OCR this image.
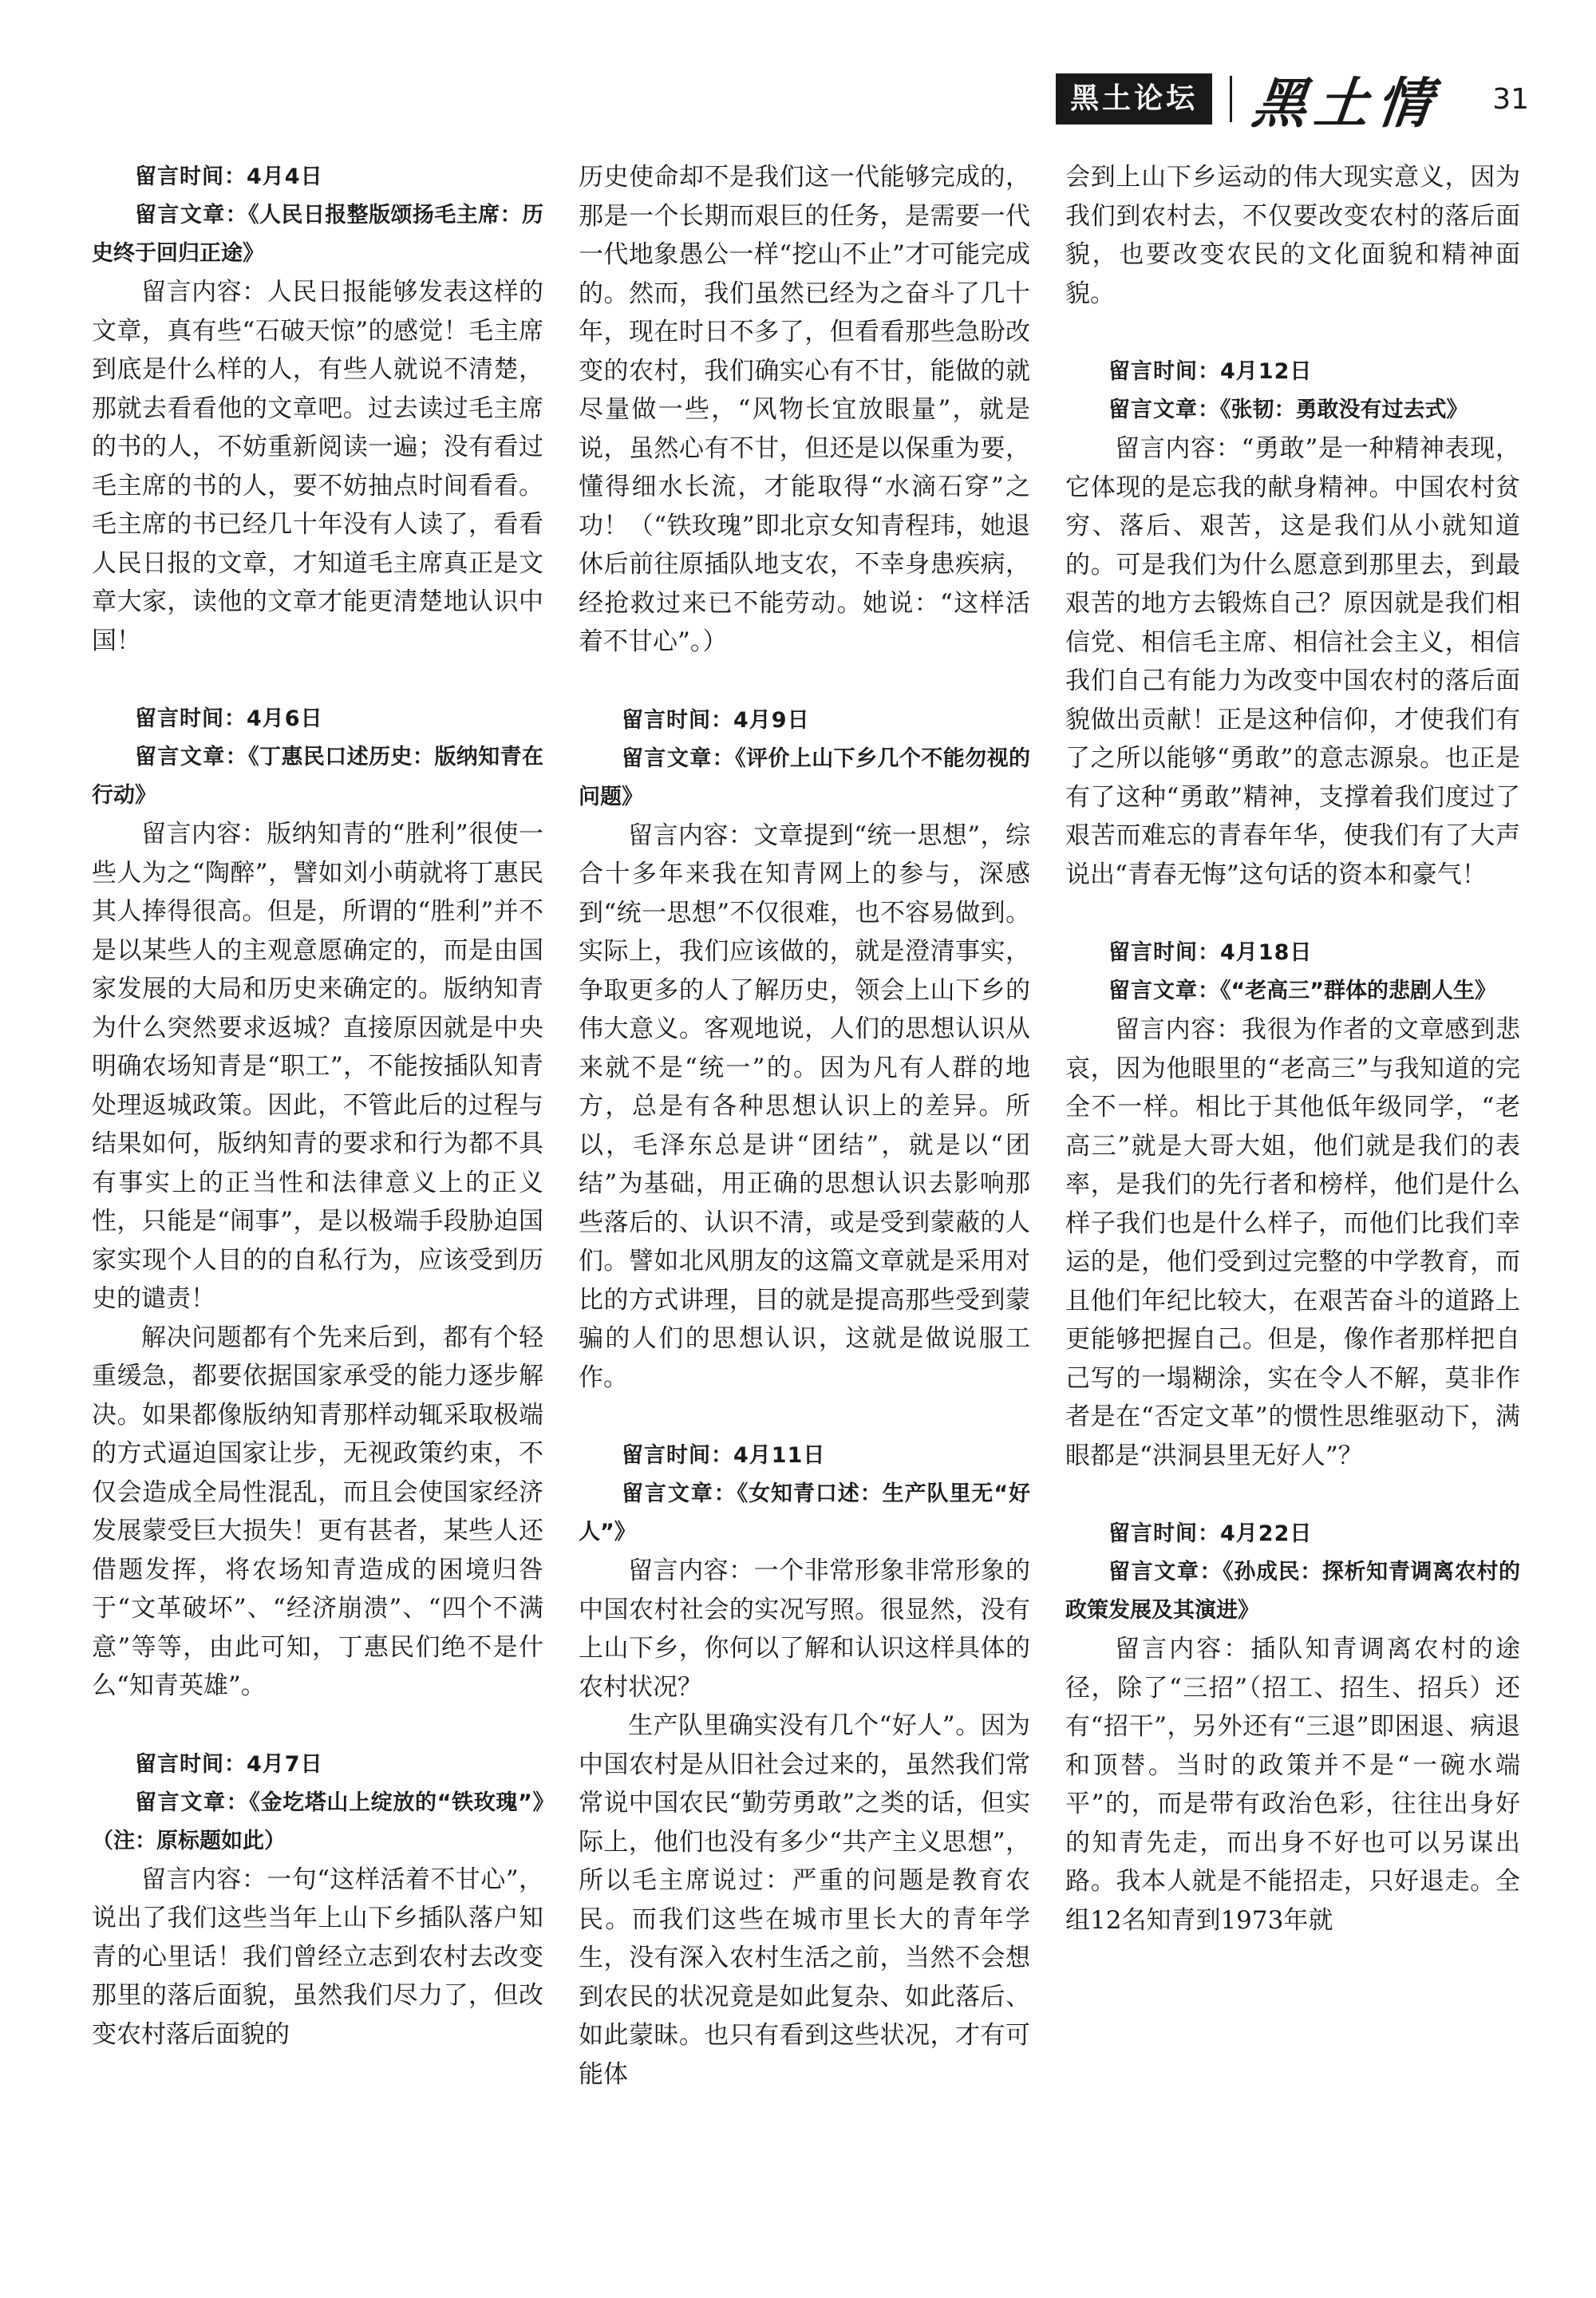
黑土论坛 黑土情 31
留言时间：4月4日
留言文章：《人民日报整版颂扬毛主席：历史终于回归正途》

留言内容：人民日报能够发表这样的文章，真有些“石破天惊”的感觉！毛主席到底是什么样的人，有些人就说不清楚，那就去看看他的文章吧。过去读过毛主席的书的人，不妨重新阅读一遍；没有看过毛主席的书的人，要不妨抽点时间看看。毛主席的书已经几十年没有人读了，看看人民日报的文章，才知道毛主席真正是文章大家，读他的文章才能更清楚地认识中国！

留言时间：4月6日
留言文章：《丁惠民口述历史：版纳知青在行动》

留言内容：版纳知青的“胜利”很使一些人为之“陶醉”，譬如刘小萌就将丁惠民其人捧得很高。但是，所谓的“胜利”并不是以某些人的主观意愿确定的，而是由国家发展的大局和历史来确定的。版纳知青为什么突然要求返城？直接原因就是中央明确农场知青是“职工”，不能按插队知青处理返城政策。因此，不管此后的过程与结果如何，版纳知青的要求和行为都不具有事实上的正当性和法律意义上的正义性，只能是“闹事”，是以极端手段胁迫国家实现个人目的的自私行为，应该受到历史的谴责！

解决问题都有个先来后到，都有个轻重缓急，都要依据国家承受的能力逐步解决。如果都像版纳知青那样动辄采取极端的方式逼迫国家让步，无视政策约束，不仅会造成全局性混乱，而且会使国家经济发展蒙受巨大损失！更有甚者，某些人还借题发挥，将农场知青造成的困境归咎于“文革破坏”、“经济崩溃”、“四个不满意”等等，由此可知，丁惠民们绝不是什么“知青英雄”。

留言时间：4月7日
留言文章：《金圪塔山上绽放的“铁玫瑰”》（注：原标题如此）

留言内容：一句“这样活着不甘心”，说出了我们这些当年上山下乡插队落户知青的心里话！我们曾经立志到农村去改变那里的落后面貌，虽然我们尽力了，但改变农村落后面貌的

历史使命却不是我们这一代能够完成的，那是一个长期而艰巨的任务，是需要一代一代地象愚公一样“挖山不止”才可能完成的。然而，我们虽然已经为之奋斗了几十年，现在时日不多了，但看看那些急盼改变的农村，我们确实心有不甘，能做的就尽量做一些，“风物长宜放眼量”，就是说，虽然心有不甘，但还是以保重为要，懂得细水长流，才能取得“水滴石穿”之功！（“铁玫瑰”即北京女知青程玮，她退休后前往原插队地支农，不幸身患疾病，经抢救过来已不能劳动。她说：“这样活着不甘心”。）

留言时间：4月9日
留言文章：《评价上山下乡几个不能勿视的问题》

留言内容：文章提到“统一思想”，综合十多年来我在知青网上的参与，深感到“统一思想”不仅很难，也不容易做到。实际上，我们应该做的，就是澄清事实，争取更多的人了解历史，领会上山下乡的伟大意义。客观地说，人们的思想认识从来就不是“统一”的。因为凡有人群的地方，总是有各种思想认识上的差异。所以，毛泽东总是讲“团结”，就是以“团结”为基础，用正确的思想认识去影响那些落后的、认识不清，或是受到蒙蔽的人们。譬如北风朋友的这篇文章就是采用对比的方式讲理，目的就是提高那些受到蒙骗的人们的思想认识，这就是做说服工作。

留言时间：4月11日
留言文章：《女知青口述：生产队里无“好人”》

留言内容：一个非常形象非常形象的中国农村社会的实况写照。很显然，没有上山下乡，你何以了解和认识这样具体的农村状况？

生产队里确实没有几个“好人”。因为中国农村是从旧社会过来的，虽然我们常常说中国农民“勤劳勇敢”之类的话，但实际上，他们也没有多少“共产主义思想”，所以毛主席说过：严重的问题是教育农民。而我们这些在城市里长大的青年学生，没有深入农村生活之前，当然不会想到农民的状况竟是如此复杂、如此落后、如此蒙昧。也只有看到这些状况，才有可能体

会到上山下乡运动的伟大现实意义，因为我们到农村去，不仅要改变农村的落后面貌，也要改变农民的文化面貌和精神面貌。

留言时间：4月12日
留言文章：《张韧：勇敢没有过去式》

留言内容：“勇敢”是一种精神表现，它体现的是忘我的献身精神。中国农村贫穷、落后、艰苦，这是我们从小就知道的。可是我们为什么愿意到那里去，到最艰苦的地方去锻炼自己？原因就是我们相信党、相信毛主席、相信社会主义，相信我们自己有能力为改变中国农村的落后面貌做出贡献！正是这种信仰，才使我们有了之所以能够“勇敢”的意志源泉。也正是有了这种“勇敢”精神，支撑着我们度过了艰苦而难忘的青春年华，使我们有了大声说出“青春无悔”这句话的资本和豪气！

留言时间：4月18日
留言文章：《“老高三”群体的悲剧人生》

留言内容：我很为作者的文章感到悲哀，因为他眼里的“老高三”与我知道的完全不一样。相比于其他低年级同学，“老高三”就是大哥大姐，他们就是我们的表率，是我们的先行者和榜样，他们是什么样子我们也是什么样子，而他们比我们幸运的是，他们受到过完整的中学教育，而且他们年纪比较大，在艰苦奋斗的道路上更能够把握自己。但是，像作者那样把自己写的一塌糊涂，实在令人不解，莫非作者是在“否定文革”的惯性思维驱动下，满眼都是“洪洞县里无好人”？

留言时间：4月22日
留言文章：《孙成民：探析知青调离农村的政策发展及其演进》

留言内容：插队知青调离农村的途径，除了“三招”（招工、招生、招兵）还有“招干”，另外还有“三退”即困退、病退和顶替。当时的政策并不是“一碗水端平”的，而是带有政治色彩，往往出身好的知青先走，而出身不好也可以另谋出路。我本人就是不能招走，只好退走。全组12名知青到1973年就
